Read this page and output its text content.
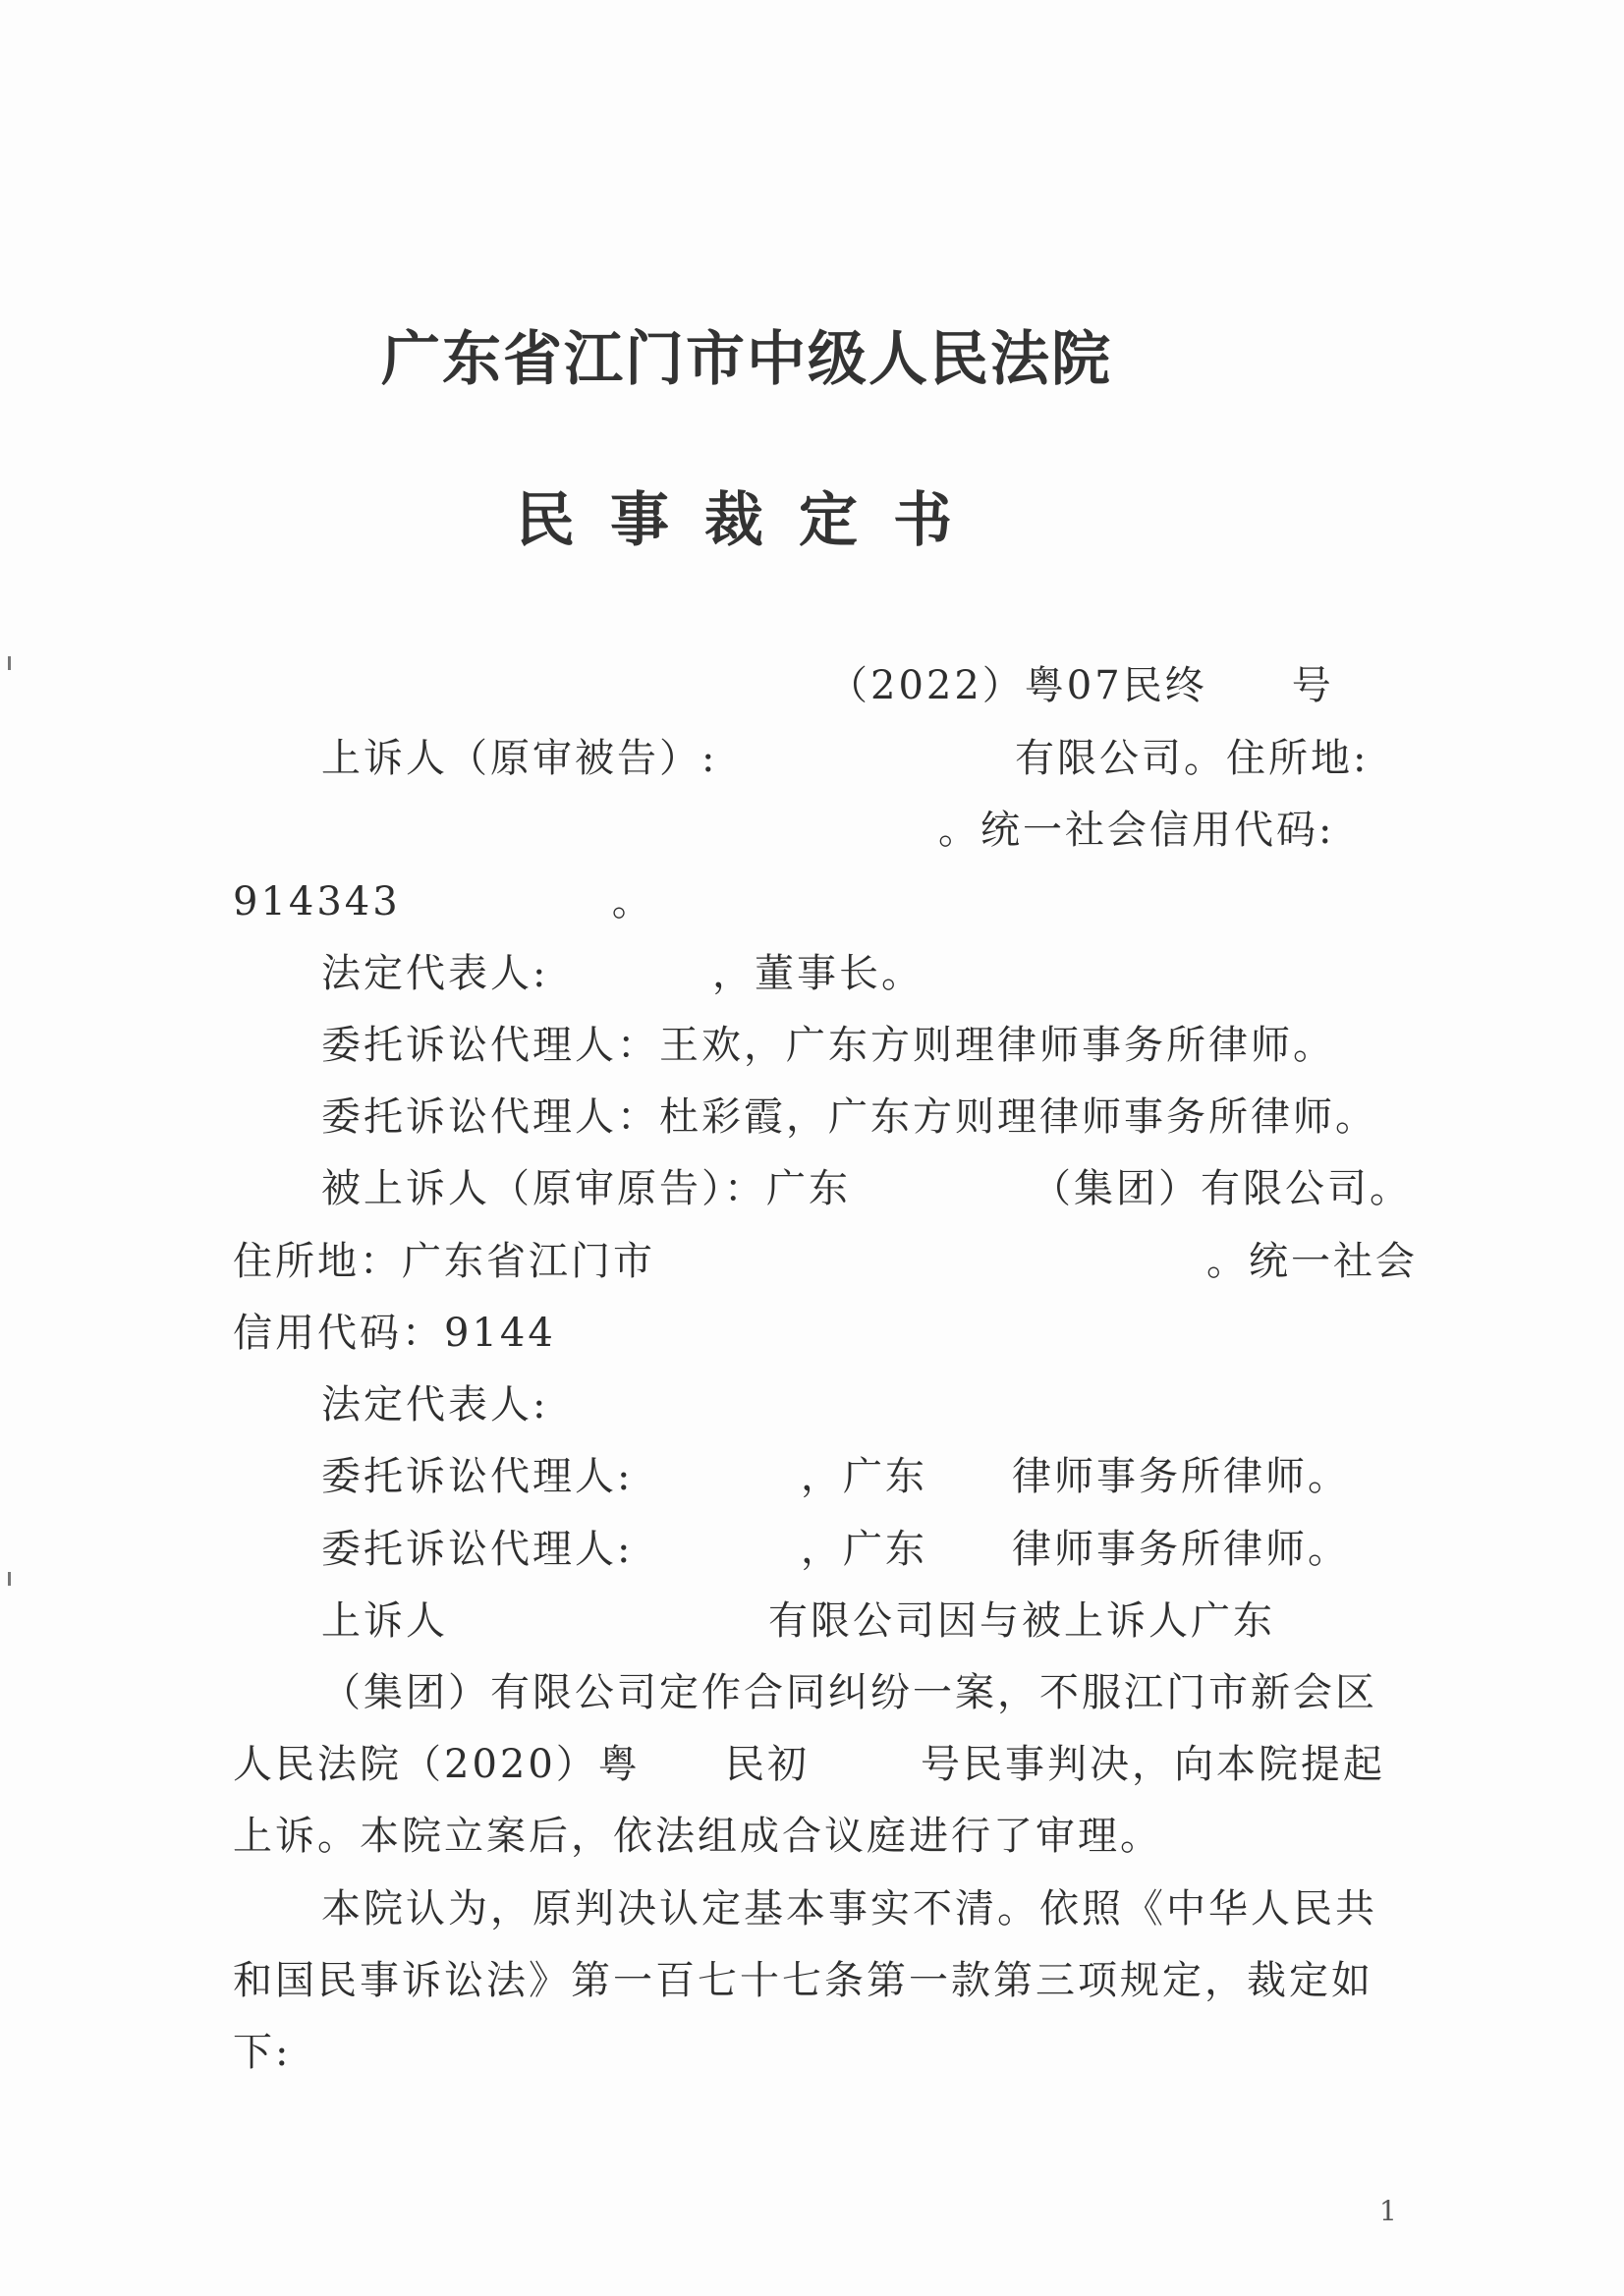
广东省江门市中级人民法院
民事裁定书
（2022）粤07民终　　号
上诉人（原审被告）:	有限公司。住所地:
。统一社会信用代码:
914343　　　　　。
法定代表人:	，董事长。
委托诉讼代理人：王欢，广东方则理律师事务所律师。
委托诉讼代理人：杜彩霞，广东方则理律师事务所律师。
被上诉人（原审原告）：广东	（集团）有限公司。
住所地：广东省江门市	。统一社会
信用代码：9144
法定代表人:
委托诉讼代理人:	，广东 律师事务所律师。
委托诉讼代理人:	，广东 律师事务所律师。
上诉人	有限公司因与被上诉人广东
（集团）有限公司定作合同纠纷一案，不服江门市新会区
人民法院（2020）粤 民初	号民事判决，向本院提起
上诉。本院立案后，依法组成合议庭进行了审理。
本院认为，原判决认定基本事实不清。依照《中华人民共
和国民事诉讼法》第一百七十七条第一款第三项规定，裁定如
下:
1
